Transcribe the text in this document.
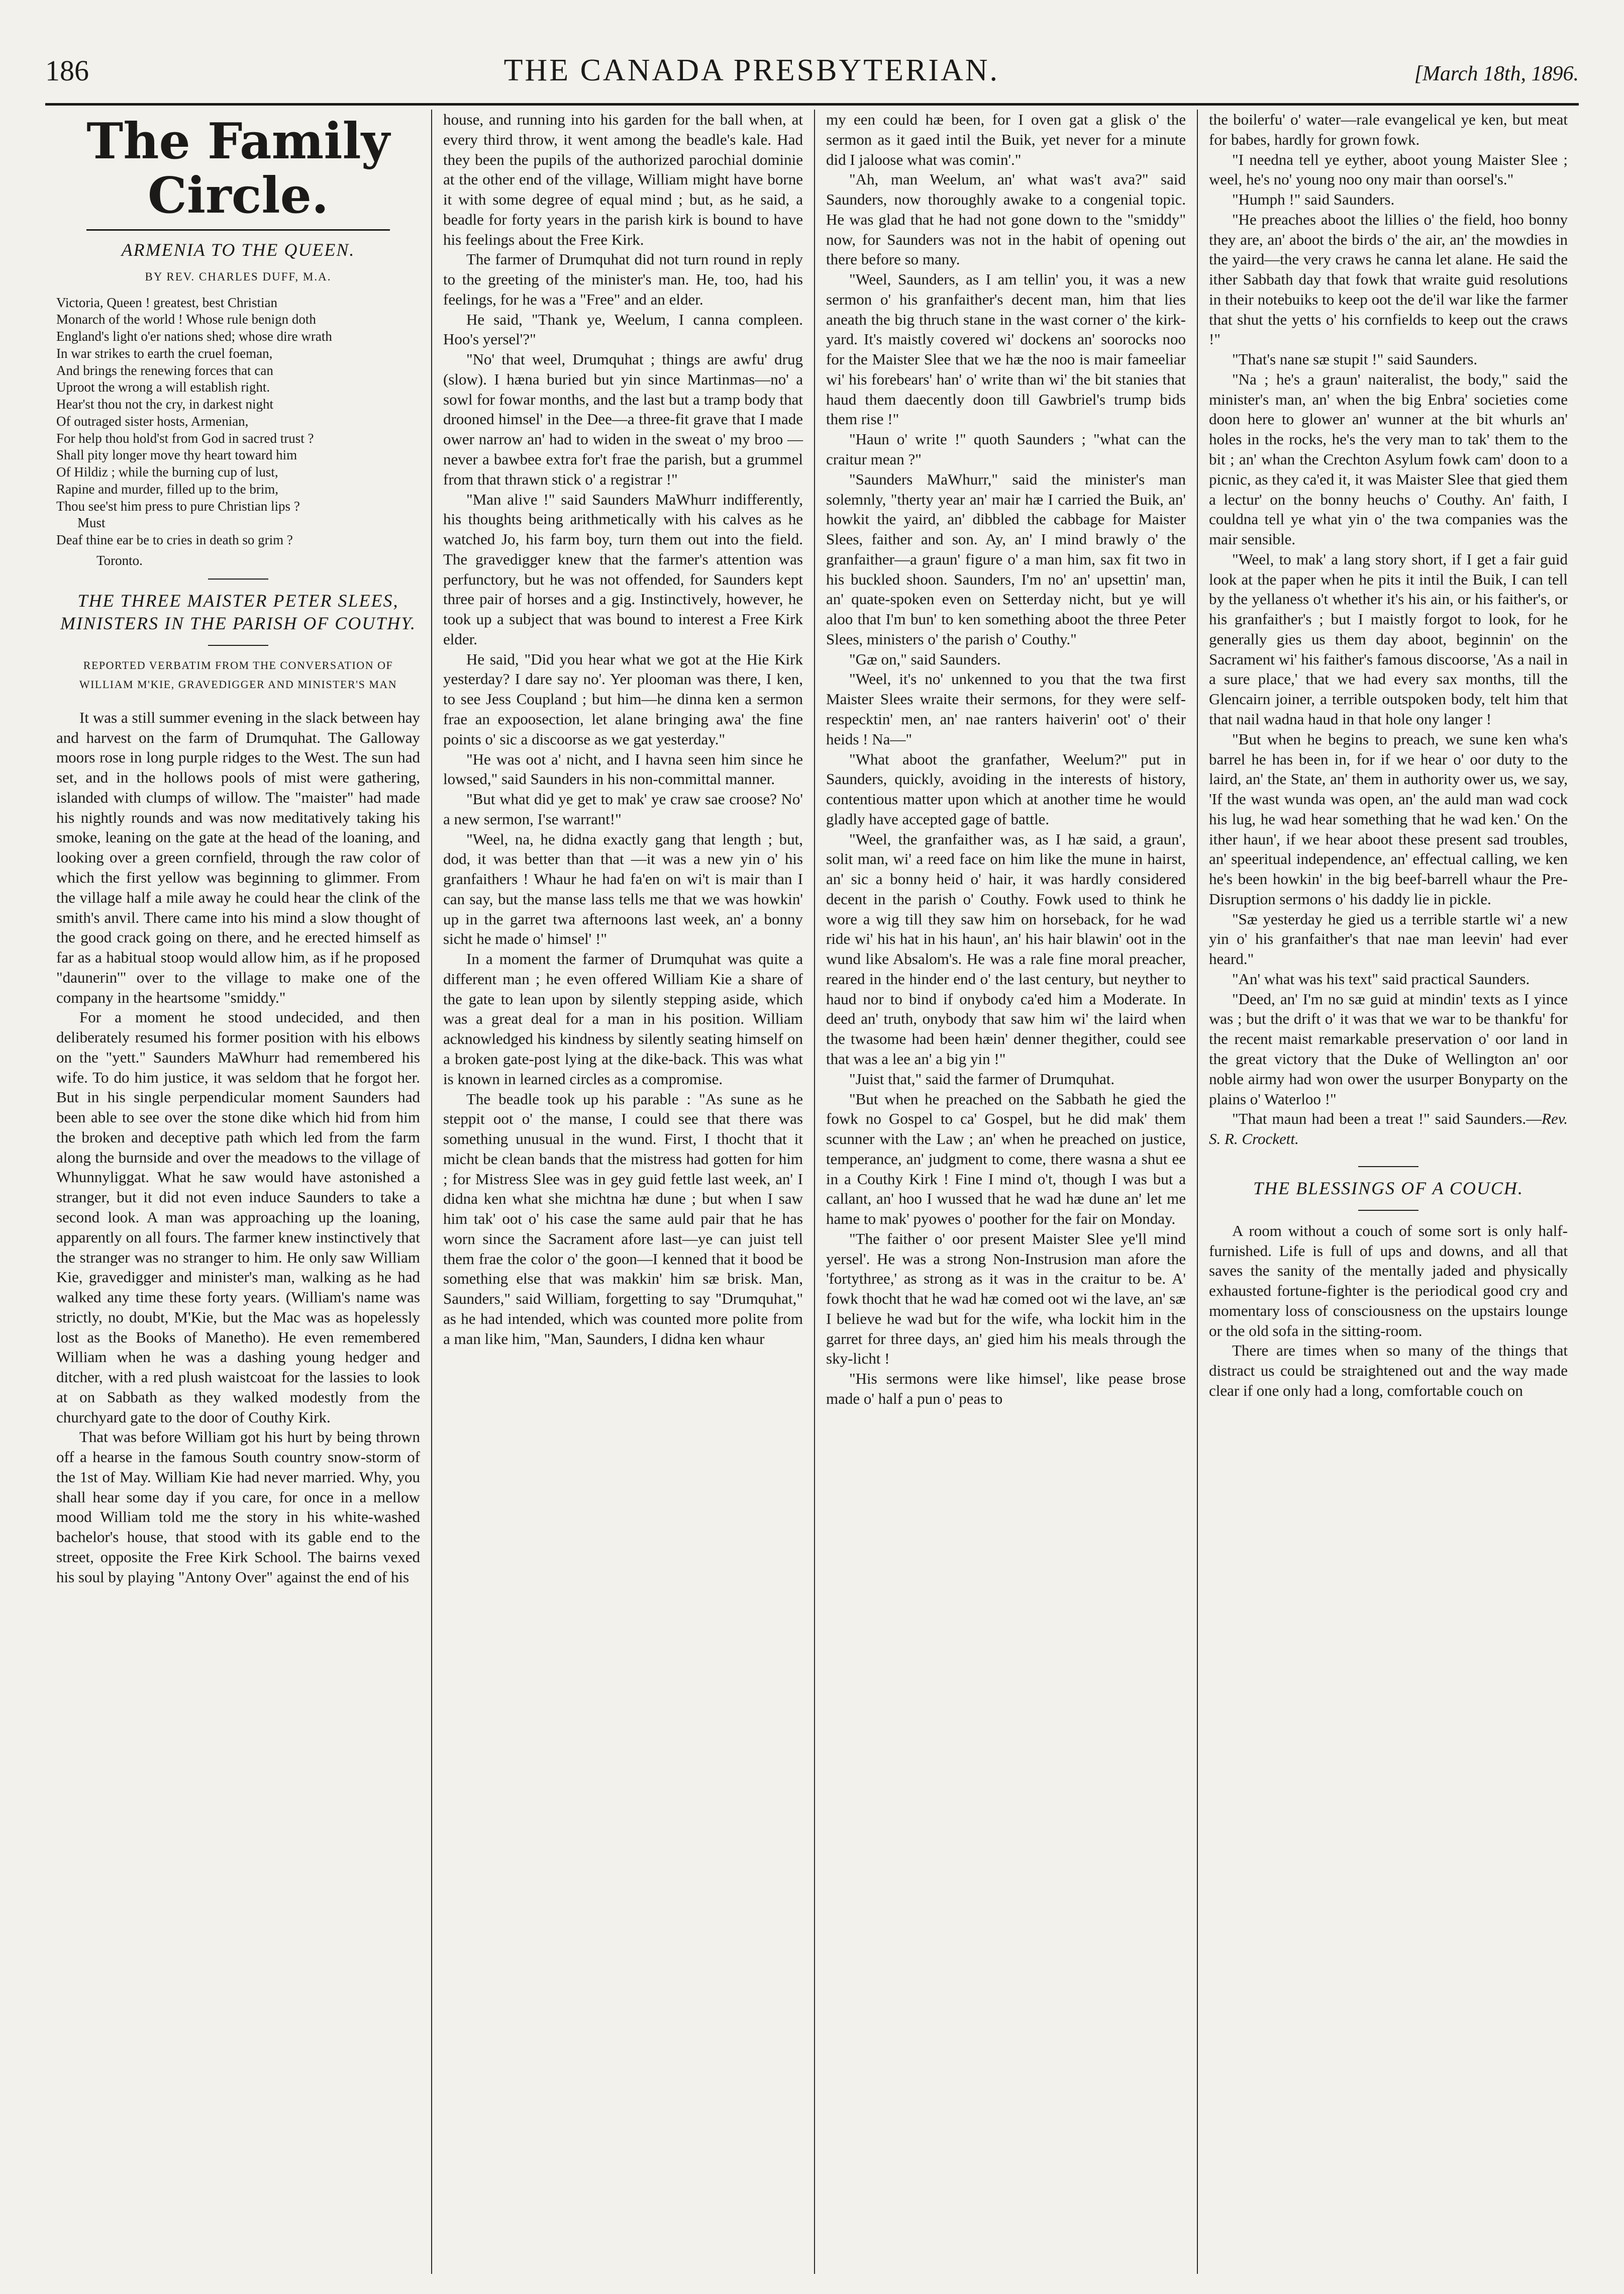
186	THE CANADA PRESBYTERIAN.	[March 18th, 1896.
The Family Circle.
ARMENIA TO THE QUEEN.
BY REV. CHARLES DUFF, M.A.
Victoria, Queen ! greatest, best Christian
Monarch of the world ! Whose rule benign doth
England's light o'er nations shed; whose dire wrath
In war strikes to earth the cruel foeman,
And brings the renewing forces that can
Uproot the wrong a will establish right.
Hear'st thou not the cry, in darkest night
Of outraged sister hosts, Armenian,
For help thou hold'st from God in sacred trust ?
Shall pity longer move thy heart toward him
Of Hildiz ; while the burning cup of lust,
Rapine and murder, filled up to the brim,
Thou see'st him press to pure Christian lips ?
Must
Deaf thine ear be to cries in death so grim ?
Toronto.
THE THREE MAISTER PETER SLEES, MINISTERS IN THE PARISH OF COUTHY.
REPORTED VERBATIM FROM THE CONVERSATION OF WILLIAM M'KIE, GRAVEDIGGER AND MINISTER'S MAN

It was a still summer evening in the slack between hay and harvest on the farm of Drumquhat. The Galloway moors rose in long purple ridges to the West. The sun had set, and in the hollows pools of mist were gathering, islanded with clumps of willow. The "maister" had made his nightly rounds and was now meditatively taking his smoke, leaning on the gate at the head of the loaning, and looking over a green cornfield, through the raw color of which the first yellow was beginning to glimmer. From the village half a mile away he could hear the clink of the smith's anvil. There came into his mind a slow thought of the good crack going on there, and he erected himself as far as a habitual stoop would allow him, as if he proposed "daunerin'" over to the village to make one of the company in the heartsome "smiddy."

For a moment he stood undecided, and then deliberately resumed his former position with his elbows on the "yett." Saunders MaWhurr had remembered his wife. To do him justice, it was seldom that he forgot her. But in his single perpendicular moment Saunders had been able to see over the stone dike which hid from him the broken and deceptive path which led from the farm along the burnside and over the meadows to the village of Whunnyliggat. What he saw would have astonished a stranger, but it did not even induce Saunders to take a second look. A man was approaching up the loaning, apparently on all fours. The farmer knew instinctively that the stranger was no stranger to him. He only saw William Kie, gravedigger and minister's man, walking as he had walked any time these forty years. (William's name was strictly, no doubt, M'Kie, but the Mac was as hopelessly lost as the Books of Manetho). He even remembered William when he was a dashing young hedger and ditcher, with a red plush waistcoat for the lassies to look at on Sabbath as they walked modestly from the churchyard gate to the door of Couthy Kirk.

That was before William got his hurt by being thrown off a hearse in the famous South country snow-storm of the 1st of May. William Kie had never married. Why, you shall hear some day if you care, for once in a mellow mood William told me the story in his white-washed bachelor's house, that stood with its gable end to the street, opposite the Free Kirk School. The bairns vexed his soul by playing "Antony Over" against the end of his

house, and running into his garden for the ball when, at every third throw, it went among the beadle's kale. Had they been the pupils of the authorized parochial dominie at the other end of the village, William might have borne it with some degree of equal mind ; but, as he said, a beadle for forty years in the parish kirk is bound to have his feelings about the Free Kirk.

The farmer of Drumquhat did not turn round in reply to the greeting of the minister's man. He, too, had his feelings, for he was a "Free" and an elder.

He said, "Thank ye, Weelum, I canna compleen. Hoo's yersel'?"

"No' that weel, Drumquhat ; things are awfu' drug (slow). I hæna buried but yin since Martinmas—no' a sowl for fowar months, and the last but a tramp body that drooned himsel' in the Dee—a three-fit grave that I made ower narrow an' had to widen in the sweat o' my broo —never a bawbee extra for't frae the parish, but a grummel from that thrawn stick o' a registrar !"

"Man alive !" said Saunders MaWhurr indifferently, his thoughts being arithmetically with his calves as he watched Jo, his farm boy, turn them out into the field. The gravedigger knew that the farmer's attention was perfunctory, but he was not offended, for Saunders kept three pair of horses and a gig. Instinctively, however, he took up a subject that was bound to interest a Free Kirk elder.

He said, "Did you hear what we got at the Hie Kirk yesterday? I dare say no'. Yer plooman was there, I ken, to see Jess Coupland ; but him—he dinna ken a sermon frae an expoosection, let alane bringing awa' the fine points o' sic a discoorse as we gat yesterday."

"He was oot a' nicht, and I havna seen him since he lowsed," said Saunders in his non-committal manner.

"But what did ye get to mak' ye craw sae croose? No' a new sermon, I'se warrant!"

"Weel, na, he didna exactly gang that length ; but, dod, it was better than that —it was a new yin o' his granfaithers ! Whaur he had fa'en on wi't is mair than I can say, but the manse lass tells me that we was howkin' up in the garret twa afternoons last week, an' a bonny sicht he made o' himsel' !"

In a moment the farmer of Drumquhat was quite a different man ; he even offered William Kie a share of the gate to lean upon by silently stepping aside, which was a great deal for a man in his position. William acknowledged his kindness by silently seating himself on a broken gate-post lying at the dike-back. This was what is known in learned circles as a compromise.

The beadle took up his parable : "As sune as he steppit oot o' the manse, I could see that there was something unusual in the wund. First, I thocht that it micht be clean bands that the mistress had gotten for him ; for Mistress Slee was in gey guid fettle last week, an' I didna ken what she michtna hæ dune ; but when I saw him tak' oot o' his case the same auld pair that he has worn since the Sacrament afore last—ye can juist tell them frae the color o' the goon—I kenned that it bood be something else that was makkin' him sæ brisk. Man, Saunders," said William, forgetting to say "Drumquhat," as he had intended, which was counted more polite from a man like him, "Man, Saunders, I didna ken whaur

my een could hæ been, for I oven gat a glisk o' the sermon as it gaed intil the Buik, yet never for a minute did I jaloose what was comin'."

"Ah, man Weelum, an' what was't ava?" said Saunders, now thoroughly awake to a congenial topic. He was glad that he had not gone down to the "smiddy" now, for Saunders was not in the habit of opening out there before so many.

"Weel, Saunders, as I am tellin' you, it was a new sermon o' his granfaither's decent man, him that lies aneath the big thruch stane in the wast corner o' the kirk-yard. It's maistly covered wi' dockens an' soorocks noo for the Maister Slee that we hæ the noo is mair fameeliar wi' his forebears' han' o' write than wi' the bit stanies that haud them daecently doon till Gawbriel's trump bids them rise !"

"Haun o' write !" quoth Saunders ; "what can the craitur mean ?"

"Saunders MaWhurr," said the minister's man solemnly, "therty year an' mair hæ I carried the Buik, an' howkit the yaird, an' dibbled the cabbage for Maister Slees, faither and son. Ay, an' I mind brawly o' the granfaither—a graun' figure o' a man him, sax fit two in his buckled shoon. Saunders, I'm no' an' upsettin' man, an' quate-spoken even on Setterday nicht, but ye will aloo that I'm bun' to ken something aboot the three Peter Slees, ministers o' the parish o' Couthy."

"Gæ on," said Saunders.

"Weel, it's no' unkenned to you that the twa first Maister Slees wraite their sermons, for they were self-respecktin' men, an' nae ranters haiverin' oot' o' their heids ! Na—"

"What aboot the granfather, Weelum?" put in Saunders, quickly, avoiding in the interests of history, contentious matter upon which at another time he would gladly have accepted gage of battle.

"Weel, the granfaither was, as I hæ said, a graun', solit man, wi' a reed face on him like the mune in hairst, an' sic a bonny heid o' hair, it was hardly considered decent in the parish o' Couthy. Fowk used to think he wore a wig till they saw him on horseback, for he wad ride wi' his hat in his haun', an' his hair blawin' oot in the wund like Absalom's. He was a rale fine moral preacher, reared in the hinder end o' the last century, but neyther to haud nor to bind if onybody ca'ed him a Moderate. In deed an' truth, onybody that saw him wi' the laird when the twasome had been hæin' denner thegither, could see that was a lee an' a big yin !"

"Juist that," said the farmer of Drumquhat.

"But when he preached on the Sabbath he gied the fowk no Gospel to ca' Gospel, but he did mak' them scunner with the Law ; an' when he preached on justice, temperance, an' judgment to come, there wasna a shut ee in a Couthy Kirk ! Fine I mind o't, though I was but a callant, an' hoo I wussed that he wad hæ dune an' let me hame to mak' pyowes o' poother for the fair on Monday.

"The faither o' oor present Maister Slee ye'll mind yersel'. He was a strong Non-Instrusion man afore the 'fortythree,' as strong as it was in the craitur to be. A' fowk thocht that he wad hæ comed oot wi the lave, an' sæ I believe he wad but for the wife, wha lockit him in the garret for three days, an' gied him his meals through the sky-licht !

"His sermons were like himsel', like pease brose made o' half a pun o' peas to

the boilerfu' o' water—rale evangelical ye ken, but meat for babes, hardly for grown fowk.

"I needna tell ye eyther, aboot young Maister Slee ; weel, he's no' young noo ony mair than oorsel's."

"Humph !" said Saunders.

"He preaches aboot the lillies o' the field, hoo bonny they are, an' aboot the birds o' the air, an' the mowdies in the yaird—the very craws he canna let alane. He said the ither Sabbath day that fowk that wraite guid resolutions in their notebuiks to keep oot the de'il war like the farmer that shut the yetts o' his cornfields to keep out the craws !"

"That's nane sæ stupit !" said Saunders.

"Na ; he's a graun' naiteralist, the body," said the minister's man, an' when the big Enbra' societies come doon here to glower an' wunner at the bit whurls an' holes in the rocks, he's the very man to tak' them to the bit ; an' whan the Crechton Asylum fowk cam' doon to a picnic, as they ca'ed it, it was Maister Slee that gied them a lectur' on the bonny heuchs o' Couthy. An' faith, I couldna tell ye what yin o' the twa companies was the mair sensible.

"Weel, to mak' a lang story short, if I get a fair guid look at the paper when he pits it intil the Buik, I can tell by the yellaness o't whether it's his ain, or his faither's, or his granfaither's ; but I maistly forgot to look, for he generally gies us them day aboot, beginnin' on the Sacrament wi' his faither's famous discoorse, 'As a nail in a sure place,' that we had every sax months, till the Glencairn joiner, a terrible outspoken body, telt him that that nail wadna haud in that hole ony langer !

"But when he begins to preach, we sune ken wha's barrel he has been in, for if we hear o' oor duty to the laird, an' the State, an' them in authority ower us, we say, 'If the wast wunda was open, an' the auld man wad cock his lug, he wad hear something that he wad ken.' On the ither haun', if we hear aboot these present sad troubles, an' speeritual independence, an' effectual calling, we ken he's been howkin' in the big beef-barrell whaur the Pre-Disruption sermons o' his daddy lie in pickle.

"Sæ yesterday he gied us a terrible startle wi' a new yin o' his granfaither's that nae man leevin' had ever heard."

"An' what was his text" said practical Saunders.

"Deed, an' I'm no sæ guid at mindin' texts as I yince was ; but the drift o' it was that we war to be thankfu' for the recent maist remarkable preservation o' oor land in the great victory that the Duke of Wellington an' oor noble airmy had won ower the usurper Bonyparty on the plains o' Waterloo !"

"That maun had been a treat !" said Saunders.—Rev. S. R. Crockett.

THE BLESSINGS OF A COUCH.

A room without a couch of some sort is only half-furnished. Life is full of ups and downs, and all that saves the sanity of the mentally jaded and physically exhausted fortune-fighter is the periodical good cry and momentary loss of consciousness on the upstairs lounge or the old sofa in the sitting-room.

There are times when so many of the things that distract us could be straightened out and the way made clear if one only had a long, comfortable couch on
